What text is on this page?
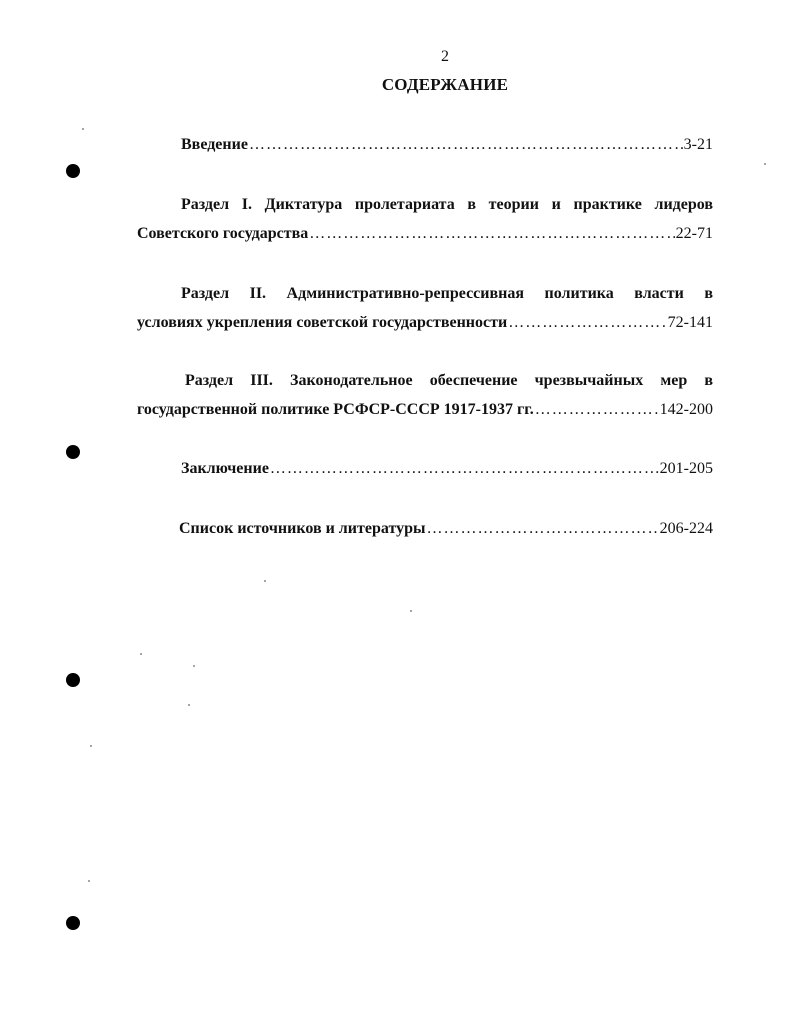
2
СОДЕРЖАНИЕ
Введение ……………………………………………………………………………………………………………………………………………………………	3-21
Раздел I. Диктатура пролетариата в теории и практике лидеров
Советского государства ……………………………………………………………………………………………………………………………………………………………	22-71
Раздел II. Административно-репрессивная политика власти в
условиях укрепления советской государственности ……………………………………………………………………………………………………………………………………………………………	72-141
Раздел III. Законодательное обеспечение чрезвычайных мер в
государственной политике РСФСР-СССР 1917-1937 гг. ……………………………………………………………………………………………………………………………………………………………	142-200
Заключение ……………………………………………………………………………………………………………………………………………………………	201-205
Список источников и литературы ……………………………………………………………………………………………………………………………………………………………	206-224
